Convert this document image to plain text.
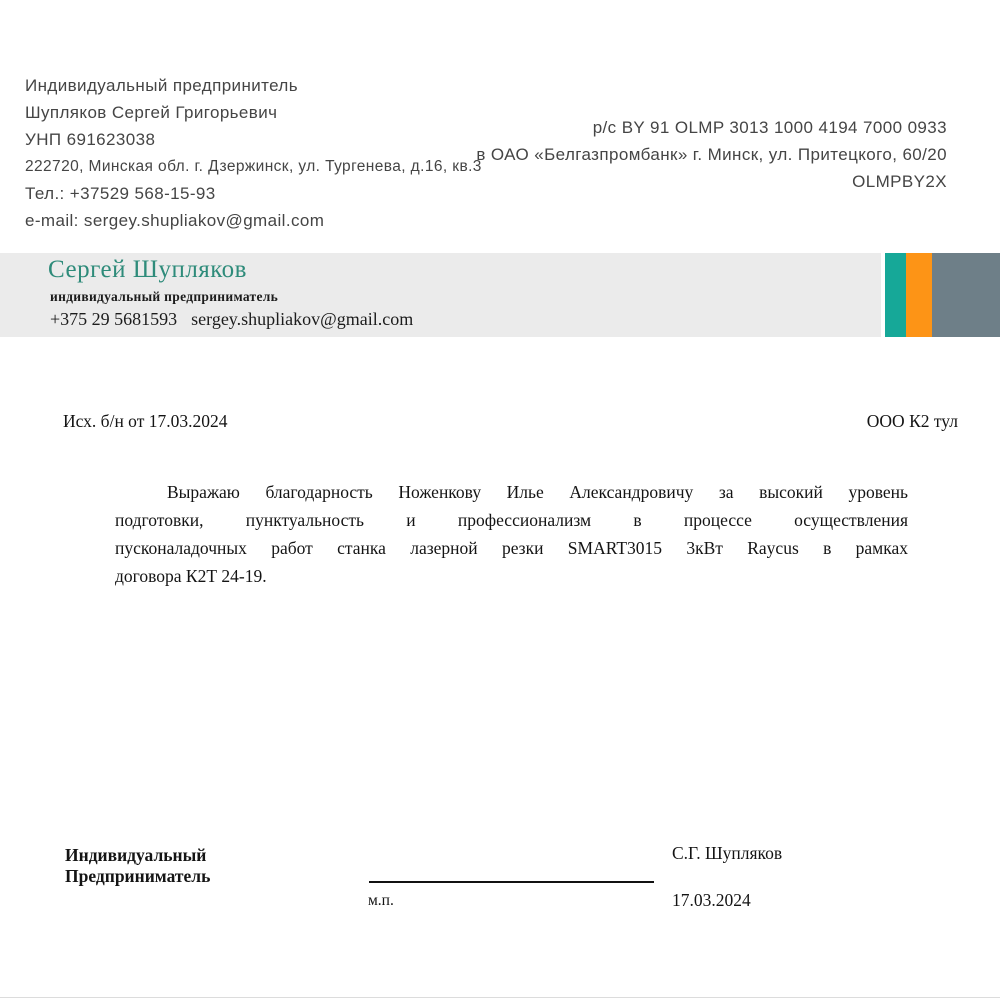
Индивидуальный предпринитель
Шупляков Сергей Григорьевич
УНП 691623038
222720, Минская обл. г. Дзержинск, ул. Тургенева, д.16, кв.3
Тел.: +37529 568-15-93
e-mail: sergey.shupliakov@gmail.com
р/с BY 91 OLMP 3013 1000 4194 7000 0933
в ОАО «Белгазпромбанк» г. Минск, ул. Притецкого, 60/20
OLMPBY2X
Сергей Шупляков
индивидуальный предприниматель
+375 29 5681593 sergey.shupliakov@gmail.com
Исх. б/н от 17.03.2024	ООО К2 тул
Выражаю благодарность Ноженкову Илье Александровичу за высокий уровень
подготовки, пунктуальность и профессионализм в процессе осуществления
пусконаладочных работ станка лазерной резки SMART3015 3кВт Raycus в рамках
договора К2Т 24-19.
Индивидуальный
Предприниматель
м.п.
С.Г. Шупляков
17.03.2024
